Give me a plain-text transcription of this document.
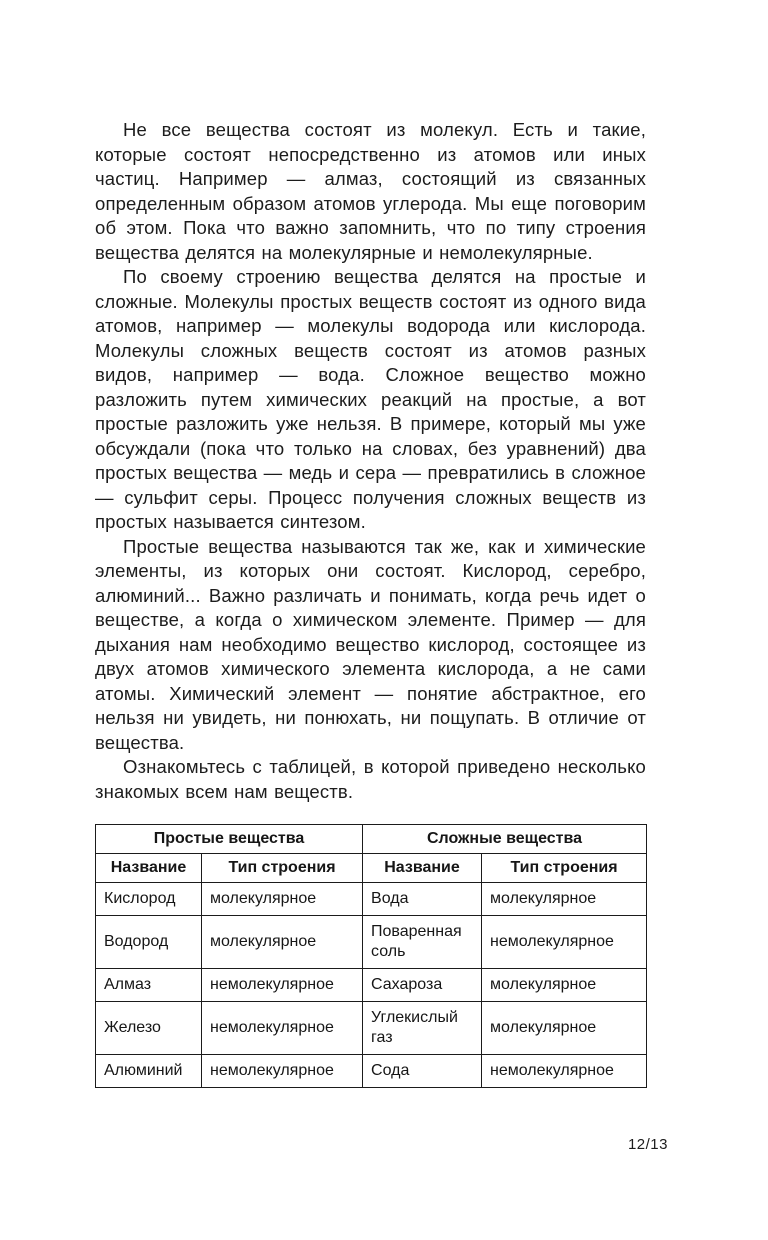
Не все вещества состоят из молекул. Есть и такие, которые состоят непосредственно из атомов или иных частиц. Например — алмаз, состоящий из связанных определенным образом атомов углерода. Мы еще поговорим об этом. Пока что важно запомнить, что по типу строения вещества делятся на молекулярные и немолекулярные.

По своему строению вещества делятся на простые и сложные. Молекулы простых веществ состоят из одного вида атомов, например — молекулы водорода или кислорода. Молекулы сложных веществ состоят из атомов разных видов, например — вода. Сложное вещество можно разложить путем химических реакций на простые, а вот простые разложить уже нельзя. В примере, который мы уже обсуждали (пока что только на словах, без уравнений) два простых вещества — медь и сера — превратились в сложное — сульфит серы. Процесс получения сложных веществ из простых называется синтезом.

Простые вещества называются так же, как и химические элементы, из которых они состоят. Кислород, серебро, алюминий... Важно различать и понимать, когда речь идет о веществе, а когда о химическом элементе. Пример — для дыхания нам необходимо вещество кислород, состоящее из двух атомов химического элемента кислорода, а не сами атомы. Химический элемент — понятие абстрактное, его нельзя ни увидеть, ни понюхать, ни пощупать. В отличие от вещества.

Ознакомьтесь с таблицей, в которой приведено несколько знакомых всем нам веществ.

Простые вещества		Сложные вещества	
Название	Тип строения	Название	Тип строения
Кислород	молекулярное	Вода	молекулярное
Водород	молекулярное	Поваренная соль	немолекулярное
Алмаз	немолекулярное	Сахароза	молекулярное
Железо	немолекулярное	Углекислый газ	молекулярное
Алюминий	немолекулярное	Сода	немолекулярное
12/13
